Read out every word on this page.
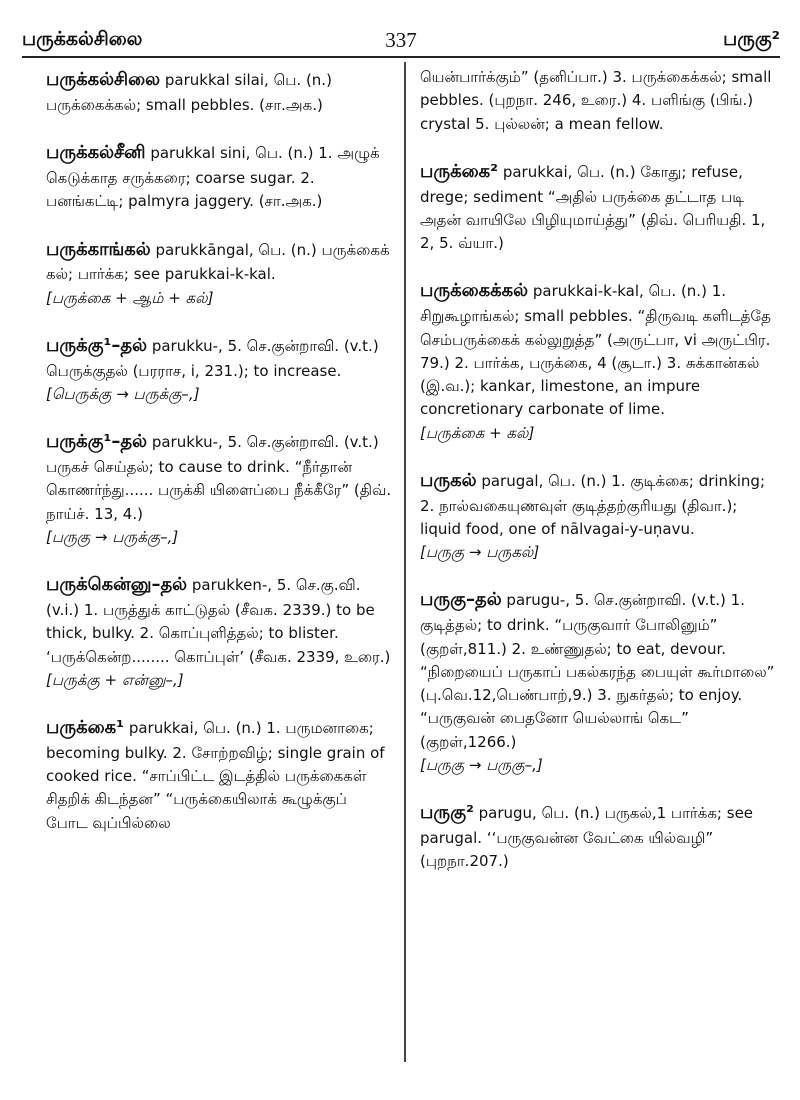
பருக்கல்சிலை	337	பருகு²

பருக்கல்சிலை parukkal silai, பெ. (n.) பருக்கைக்கல்; small pebbles. (சா.அக.)

பருக்கல்சீனி parukkal sini, பெ. (n.) 1. அழுக் கெடுக்காத சருக்கரை; coarse sugar. 2. பனங்கட்டி; palmyra jaggery. (சா.அக.)

பருக்காங்கல் parukkāngal, பெ. (n.) பருக்கைக் கல்; பார்க்க; see parukkai-k-kal.

[பருக்கை + ஆம் + கல்]

பருக்கு¹–தல் parukku-, 5. செ.குன்றாவி. (v.t.) பெருக்குதல் (பரராச, i, 231.); to increase.

[பெருக்கு → பருக்கு–,]

பருக்கு¹–தல் parukku-, 5. செ.குன்றாவி. (v.t.) பருகச் செய்தல்; to cause to drink. “நீர்தான் கொணர்ந்து...... பருக்கி யிளைப்பை நீக்கீரே” (திவ். நாய்ச். 13, 4.)

[பருகு → பருக்கு–,]

பருக்கென்னு–தல் parukken-, 5. செ.கு.வி. (v.i.) 1. பருத்துக் காட்டுதல் (சீவக. 2339.) to be thick, bulky. 2. கொப்புளித்தல்; to blister. ‘பருக்கென்ற........ கொப்புள்’ (சீவக. 2339, உரை.)

[பருக்கு + என்னு–,]

பருக்கை¹ parukkai, பெ. (n.) 1. பருமனாகை; becoming bulky. 2. சோற்றவிழ்; single grain of cooked rice. “சாப்பிட்ட இடத்தில் பருக்கைகள் சிதறிக் கிடந்தன” “பருக்கையிலாக் கூழுக்குப் போட வுப்பில்லை

யென்பார்க்கும்” (தனிப்பா.) 3. பருக்கைக்கல்; small pebbles. (புறநா. 246, உரை.) 4. பளிங்கு (பிங்.) crystal 5. புல்லன்; a mean fellow.

பருக்கை² parukkai, பெ. (n.) கோது; refuse, drege; sediment “அதில் பருக்கை தட்டாத படி அதன் வாயிலே பிழியுமாய்த்து” (திவ். பெரியதி. 1, 2, 5. வ்யா.)

பருக்கைக்கல் parukkai-k-kal, பெ. (n.) 1. சிறுகூழாங்கல்; small pebbles. “திருவடி களிடத்தே செம்பருக்கைக் கல்லுறுத்த” (அருட்பா, vi அருட்பிர. 79.) 2. பார்க்க, பருக்கை, 4 (சூடா.) 3. சுக்கான்கல் (இ.வ.); kankar, limestone, an impure concretionary carbonate of lime.

[பருக்கை + கல்]

பருகல் parugal, பெ. (n.) 1. குடிக்கை; drinking; 2. நால்வகையுணவுள் குடித்தற்குரியது (திவா.); liquid food, one of nālvagai-y-uṇavu.

[பருகு → பருகல்]

பருகு–தல் parugu-, 5. செ.குன்றாவி. (v.t.) 1. குடித்தல்; to drink. “பருகுவார் போலினும்” (குறள்,811.) 2. உண்ணுதல்; to eat, devour. “நிறையைப் பருகாப் பகல்கரந்த பையுள் கூர்மாலை” (பு.வெ.12,பெண்பாற்,9.) 3. நுகர்தல்; to enjoy. “பருகுவன் பைதனோ யெல்லாங் கெட” (குறள்,1266.)

[பருகு → பருகு–,]

பருகு² parugu, பெ. (n.) பருகல்,1 பார்க்க; see parugal. ‘‘பருகுவன்ன வேட்கை யில்வழி” (புறநா.207.)
